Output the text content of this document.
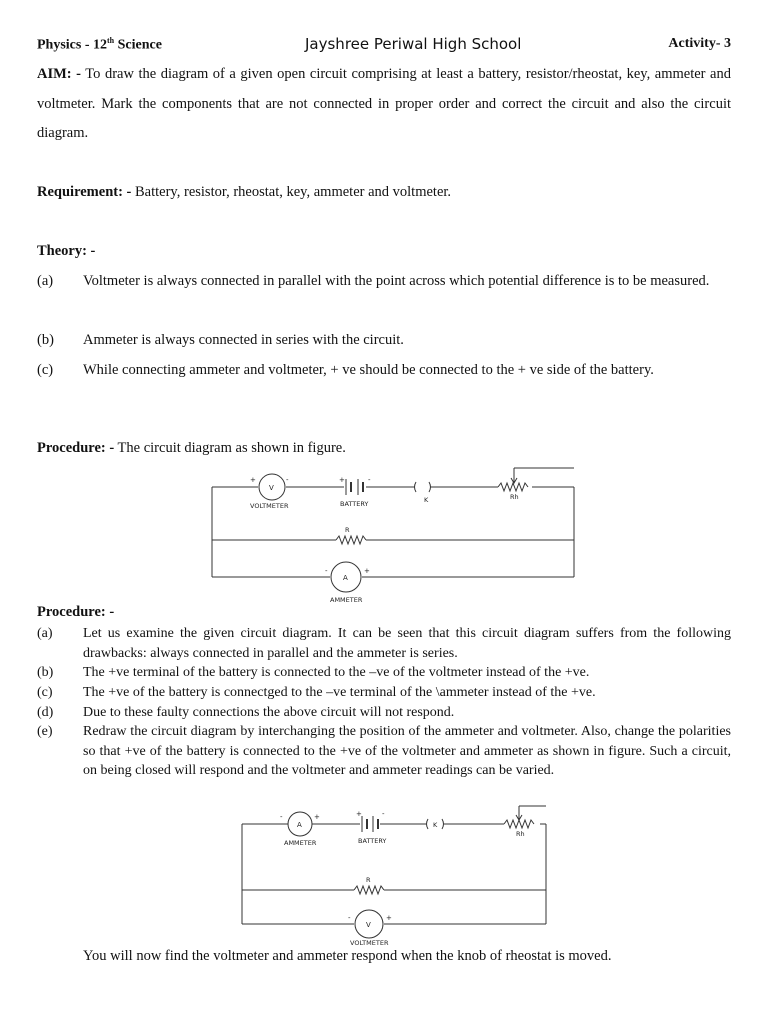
Physics - 12th Science	Jayshree Periwal High School	Activity- 3
AIM: - To draw the diagram of a given open circuit comprising at least a battery, resistor/rheostat, key, ammeter and voltmeter. Mark the components that are not connected in proper order and correct the circuit and also the circuit diagram.
Requirement: - Battery, resistor, rheostat, key, ammeter and voltmeter.
Theory: -
(a) Voltmeter is always connected in parallel with the point across which potential difference is to be measured.
(b) Ammeter is always connected in series with the circuit.
(c) While connecting ammeter and voltmeter, + ve should be connected to the + ve side of the battery.
Procedure: - The circuit diagram as shown in figure.
V
+	-
VOLTMETER
+	-
BATTERY	K	Rh
R
A
-	+
AMMETER
Procedure: -
(a) Let us examine the given circuit diagram. It can be seen that this circuit diagram suffers from the following drawbacks: always connected in parallel and the ammeter is series.
(b) The +ve terminal of the battery is connected to the –ve of the voltmeter instead of the +ve.
(c) The +ve of the battery is connectged to the –ve terminal of the \ammeter instead of the +ve.
(d) Due to these faulty connections the above circuit will not respond.
(e) Redraw the circuit diagram by interchanging the position of the ammeter and voltmeter. Also, change the polarities so that +ve of the battery is connected to the +ve of the voltmeter and ammeter as shown in figure. Such a circuit, on being closed will respond and the voltmeter and ammeter readings can be varied.
A
-	+
AMMETER
+	-
BATTERY
K
Rh
R
V
-	+
VOLTMETER
You will now find the voltmeter and ammeter respond when the knob of rheostat is moved.
